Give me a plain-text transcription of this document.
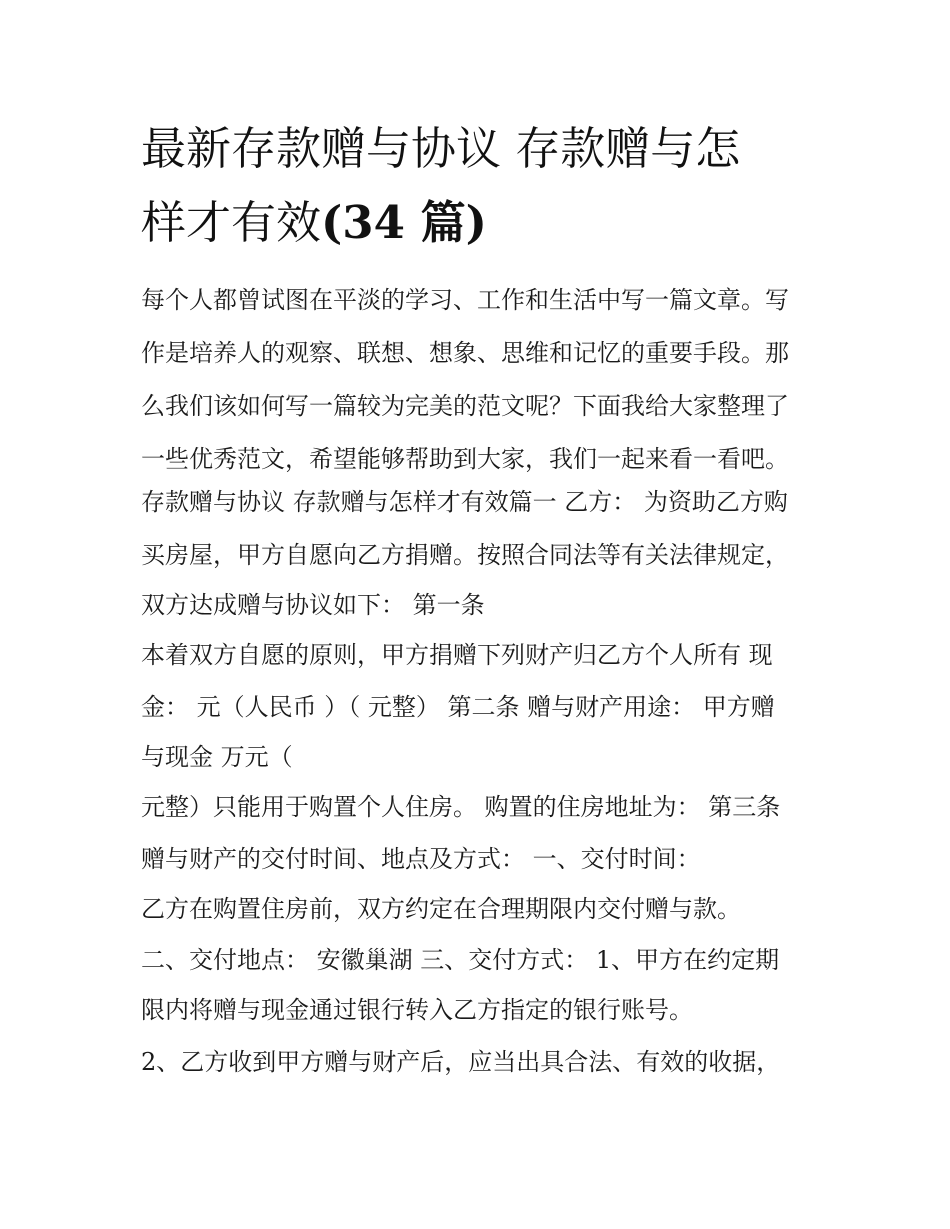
最新存款赠与协议 存款赠与怎
样才有效(34 篇)

每个人都曾试图在平淡的学习、工作和生活中写一篇文章。写

作是培养人的观察、联想、想象、思维和记忆的重要手段。那

么我们该如何写一篇较为完美的范文呢？下面我给大家整理了

一些优秀范文，希望能够帮助到大家，我们一起来看一看吧。

存款赠与协议 存款赠与怎样才有效篇一 乙方： 为资助乙方购

买房屋，甲方自愿向乙方捐赠。按照合同法等有关法律规定，

双方达成赠与协议如下： 第一条

本着双方自愿的原则，甲方捐赠下列财产归乙方个人所有 现

金： 元（人民币 ）（ 元整） 第二条 赠与财产用途： 甲方赠

与现金 万元（

元整）只能用于购置个人住房。 购置的住房地址为： 第三条

赠与财产的交付时间、地点及方式： 一、交付时间：

乙方在购置住房前，双方约定在合理期限内交付赠与款。

二、交付地点： 安徽巢湖 三、交付方式： 1、甲方在约定期

限内将赠与现金通过银行转入乙方指定的银行账号。

2、乙方收到甲方赠与财产后，应当出具合法、有效的收据，
